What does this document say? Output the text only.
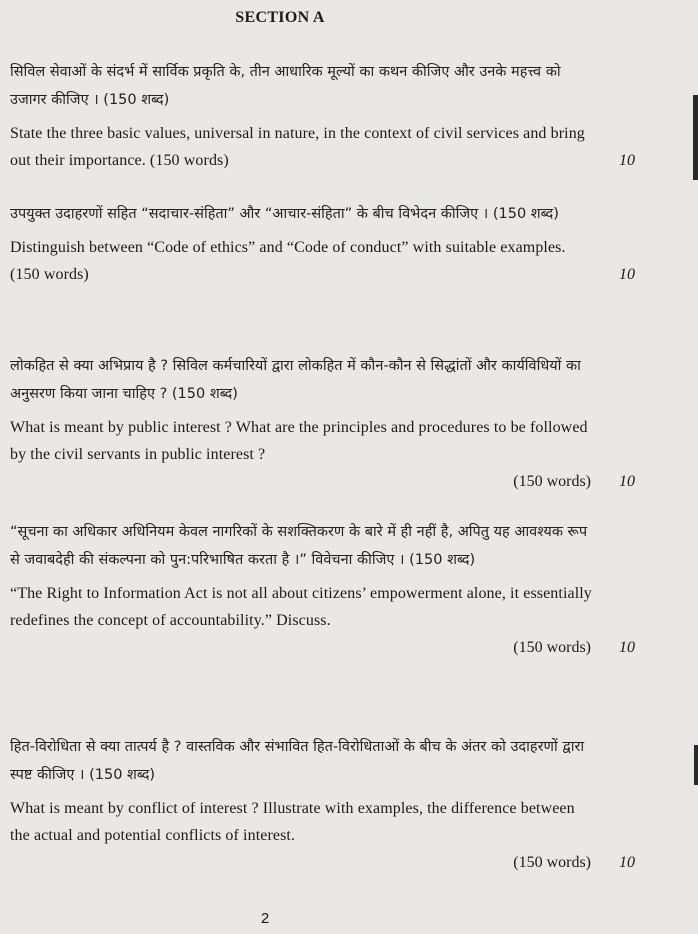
SECTION A
सिविल सेवाओं के संदर्भ में सार्विक प्रकृति के, तीन आधारिक मूल्यों का कथन कीजिए और उनके महत्त्व को उजागर कीजिए । (150 शब्द)
State the three basic values, universal in nature, in the context of civil services and bring out their importance. (150 words)	10
उपयुक्त उदाहरणों सहित “सदाचार-संहिता” और “आचार-संहिता” के बीच विभेदन कीजिए । (150 शब्द)
Distinguish between “Code of ethics” and “Code of conduct” with suitable examples. (150 words)	10
लोकहित से क्या अभिप्राय है ? सिविल कर्मचारियों द्वारा लोकहित में कौन-कौन से सिद्धांतों और कार्यविधियों का अनुसरण किया जाना चाहिए ? (150 शब्द)
What is meant by public interest ? What are the principles and procedures to be followed by the civil servants in public interest ?
(150 words)	10
“सूचना का अधिकार अधिनियम केवल नागरिकों के सशक्तिकरण के बारे में ही नहीं है, अपितु यह आवश्यक रूप से जवाबदेही की संकल्पना को पुन:परिभाषित करता है ।” विवेचना कीजिए । (150 शब्द)
“The Right to Information Act is not all about citizens’ empowerment alone, it essentially redefines the concept of accountability.” Discuss.
(150 words)	10
हित-विरोधिता से क्या तात्पर्य है ? वास्तविक और संभावित हित-विरोधिताओं के बीच के अंतर को उदाहरणों द्वारा स्पष्ट कीजिए । (150 शब्द)
What is meant by conflict of interest ? Illustrate with examples, the difference between the actual and potential conflicts of interest.
(150 words)	10
2
